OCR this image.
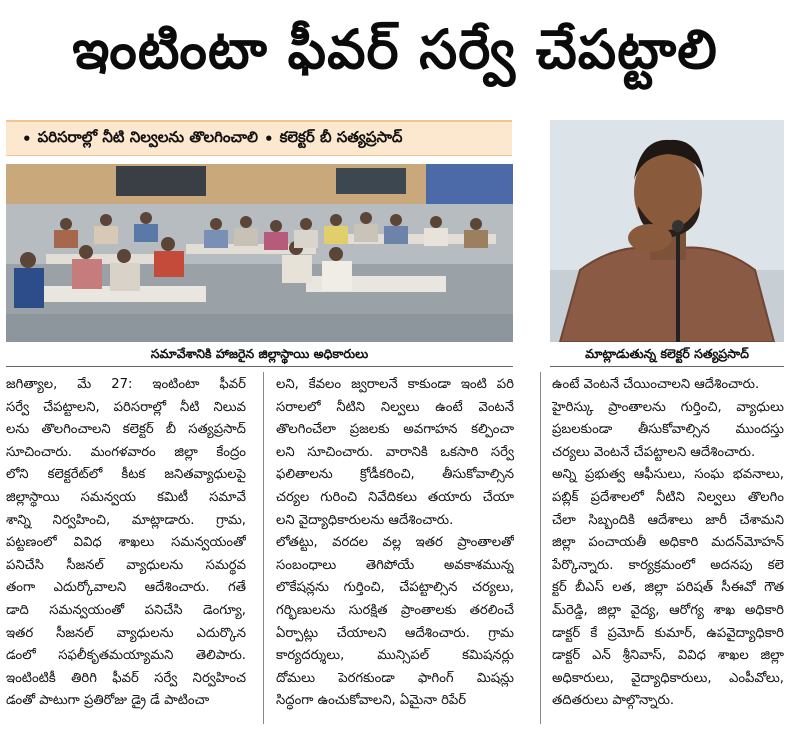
ఇంటింటా ఫీవర్ సర్వే చేపట్టాలి
• పరిసరాల్లో నీటి నిల్వలను తొలగించాలి • కలెక్టర్ బీ సత్యప్రసాద్
సమావేశానికి హాజరైన జిల్లాస్థాయి అధికారులు	మాట్లాడుతున్న కలెక్టర్ సత్యప్రసాద్
జగిత్యాల, మే 27: ఇంటింటా ఫీవర్
సర్వే చేపట్టాలని, పరిసరాల్లో నీటి నిలువ
లను తొలగించాలని కలెక్టర్ బీ సత్యప్రసాద్
సూచించారు. మంగళవారం జిల్లా కేంద్రం
లోని కలెక్టరేట్‌లో కీటక జనితవ్యాధులపై
జిల్లాస్థాయి సమన్వయ కమిటీ సమావే
శాన్ని నిర్వహించి, మాట్లాడారు. గ్రామ,
పట్టణంలో వివిధ శాఖలు సమన్వయంతో
పనిచేసి సీజనల్ వ్యాధులను సమర్థవ
తంగా ఎదుర్కోవాలని ఆదేశించారు. గతే
డాది సమన్వయంతో పనిచేసి డెంగ్యూ,
ఇతర సీజనల్ వ్యాధులను ఎదుర్కొన
డంలో సఫలీకృతమయ్యామని తెలిపారు.
ఇంటింటికీ తిరిగి ఫీవర్ సర్వే నిర్వహించ
డంతో పాటుగా ప్రతిరోజు డ్రై డే పాటించా
లని, కేవలం జ్వరాలనే కాకుండా ఇంటి పరి
సరాలలో నీటిని నిల్వలు ఉంటే వెంటనే
తొలగించేలా ప్రజలకు అవగాహన కల్పించా
లని సూచించారు. వారానికి ఒకసారి సర్వే
ఫలితాలను క్రోడీకరించి, తీసుకోవాల్సిన
చర్యల గురించి నివేదికలు తయారు చేయా
లని వైద్యాధికారులను ఆదేశించారు.
లోతట్టు, వరదల వల్ల ఇతర ప్రాంతాలతో
సంబంధాలు తెగిపోయే అవకాశమున్న
లొకేషన్లను గుర్తించి, చేపట్టాల్సిన చర్యలు,
గర్భిణులను సురక్షిత ప్రాంతాలకు తరలించే
ఏర్పాట్లు చేయాలని ఆదేశించారు. గ్రామ
కార్యదర్శులు, మున్సిపల్ కమిషనర్లు
దోమలు పెరగకుండా ఫాగింగ్ మిషన్లు
సిద్ధంగా ఉంచుకోవాలని, ఏమైనా రిపేర్
ఉంటే వెంటనే చేయించాలని ఆదేశించారు.
హైరిస్కు ప్రాంతాలను గుర్తించి, వ్యాధులు
ప్రబలకుండా తీసుకోవాల్సిన ముందస్తు
చర్యలు వెంటనే చేపట్టాలని ఆదేశించారు.
అన్ని ప్రభుత్వ ఆఫీసులు, సంఘ భవనాలు,
పబ్లిక్ ప్రదేశాలలో నీటిని నిల్వలు తొలగిం
చేలా సిబ్బందికి ఆదేశాలు జారీ చేశామని
జిల్లా పంచాయతీ అధికారి మదన్‌మోహన్
పేర్కొన్నారు. కార్యక్రమంలో అదనపు కలె
క్టర్ బీఎస్ లత, జిల్లా పరిషత్ సీఈవో గౌత
మ్‌రెడ్డి, జిల్లా వైద్య, ఆరోగ్య శాఖ అధికారి
డాక్టర్ కే ప్రమోద్ కుమార్, ఉపవైద్యాధికారి
డాక్టర్ ఎన్ శ్రీనివాస్, వివిధ శాఖల జిల్లా
అధికారులు, వైద్యాధికారులు, ఎంపీవోలు,
తదితరులు పాల్గొన్నారు.
